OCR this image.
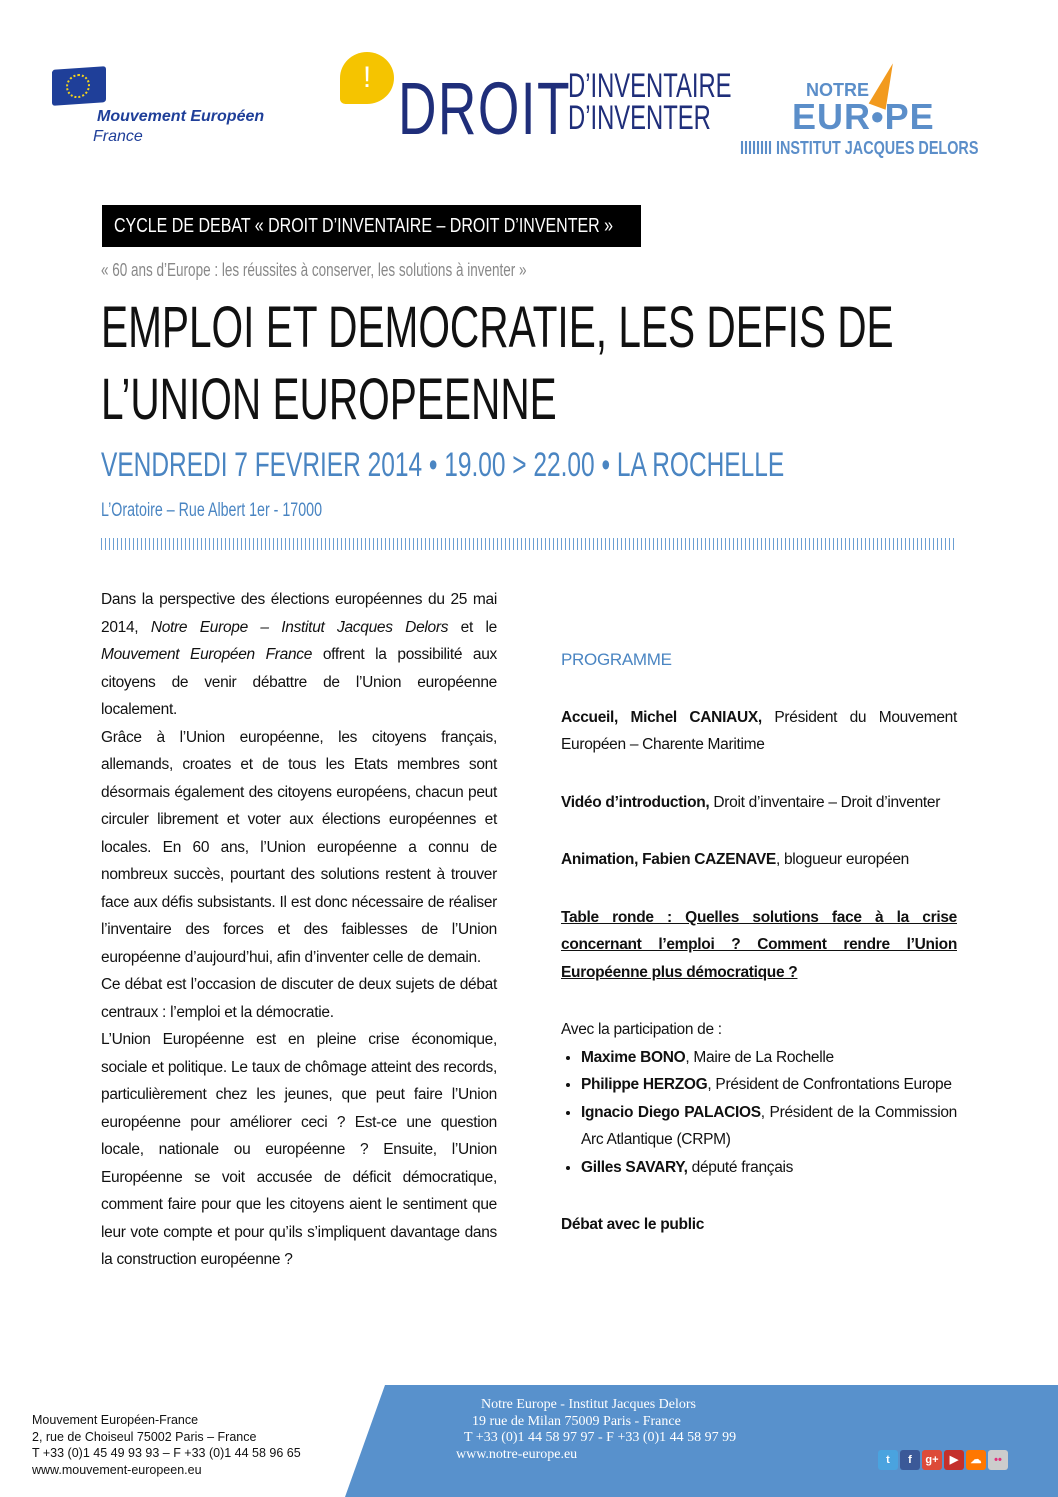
Mouvement Européen
France
! DROIT
D’INVENTAIRE
D’INVENTER
NOTRE
EUR•PE
IIIIIIII INSTITUT JACQUES DELORS
CYCLE DE DEBAT « DROIT D’INVENTAIRE – DROIT D’INVENTER »
« 60 ans d’Europe : les réussites à conserver, les solutions à inventer »
EMPLOI ET DEMOCRATIE, LES DEFIS DE L’UNION EUROPEENNE
VENDREDI 7 FEVRIER 2014 • 19.00 > 22.00 • LA ROCHELLE
L’Oratoire – Rue Albert 1er - 17000

Dans la perspective des élections européennes du 25 mai 2014, Notre Europe – Institut Jacques Delors et le Mouvement Européen France offrent la possibilité aux citoyens de venir débattre de l’Union européenne localement.

Grâce à l’Union européenne, les citoyens français, allemands, croates et de tous les Etats membres sont désormais également des citoyens européens, chacun peut circuler librement et voter aux élections européennes et locales. En 60 ans, l’Union européenne a connu de nombreux succès, pourtant des solutions restent à trouver face aux défis subsistants. Il est donc nécessaire de réaliser l’inventaire des forces et des faiblesses de l’Union européenne d’aujourd’hui, afin d’inventer celle de demain.

Ce débat est l’occasion de discuter de deux sujets de débat centraux : l’emploi et la démocratie.

L’Union Européenne est en pleine crise économique, sociale et politique. Le taux de chômage atteint des records, particulièrement chez les jeunes, que peut faire l’Union européenne pour améliorer ceci ? Est-ce une question locale, nationale ou européenne ? Ensuite, l’Union Européenne se voit accusée de déficit démocratique, comment faire pour que les citoyens aient le sentiment que leur vote compte et pour qu’ils s’impliquent davantage dans la construction européenne ?

PROGRAMME

Accueil, Michel CANIAUX, Président du Mouvement Européen – Charente Maritime

Vidéo d’introduction, Droit d’inventaire – Droit d’inventer

Animation, Fabien CAZENAVE, blogueur européen

Table ronde : Quelles solutions face à la crise concernant l’emploi ? Comment rendre l’Union Européenne plus démocratique ?

Avec la participation de :

• Maxime BONO, Maire de La Rochelle
• Philippe HERZOG, Président de Confrontations Europe
• Ignacio Diego PALACIOS, Président de la Commission Arc Atlantique (CRPM)
• Gilles SAVARY, député français

Débat avec le public

Mouvement Européen-France
2, rue de Choiseul 75002 Paris – France
T +33 (0)1 45 49 93 93 – F +33 (0)1 44 58 96 65
www.mouvement-europeen.eu
Notre Europe - Institut Jacques Delors
19 rue de Milan 75009 Paris - France
T +33 (0)1 44 58 97 97 - F +33 (0)1 44 58 97 99
www.notre-europe.eu	t	f	g+	▶	☁	••
